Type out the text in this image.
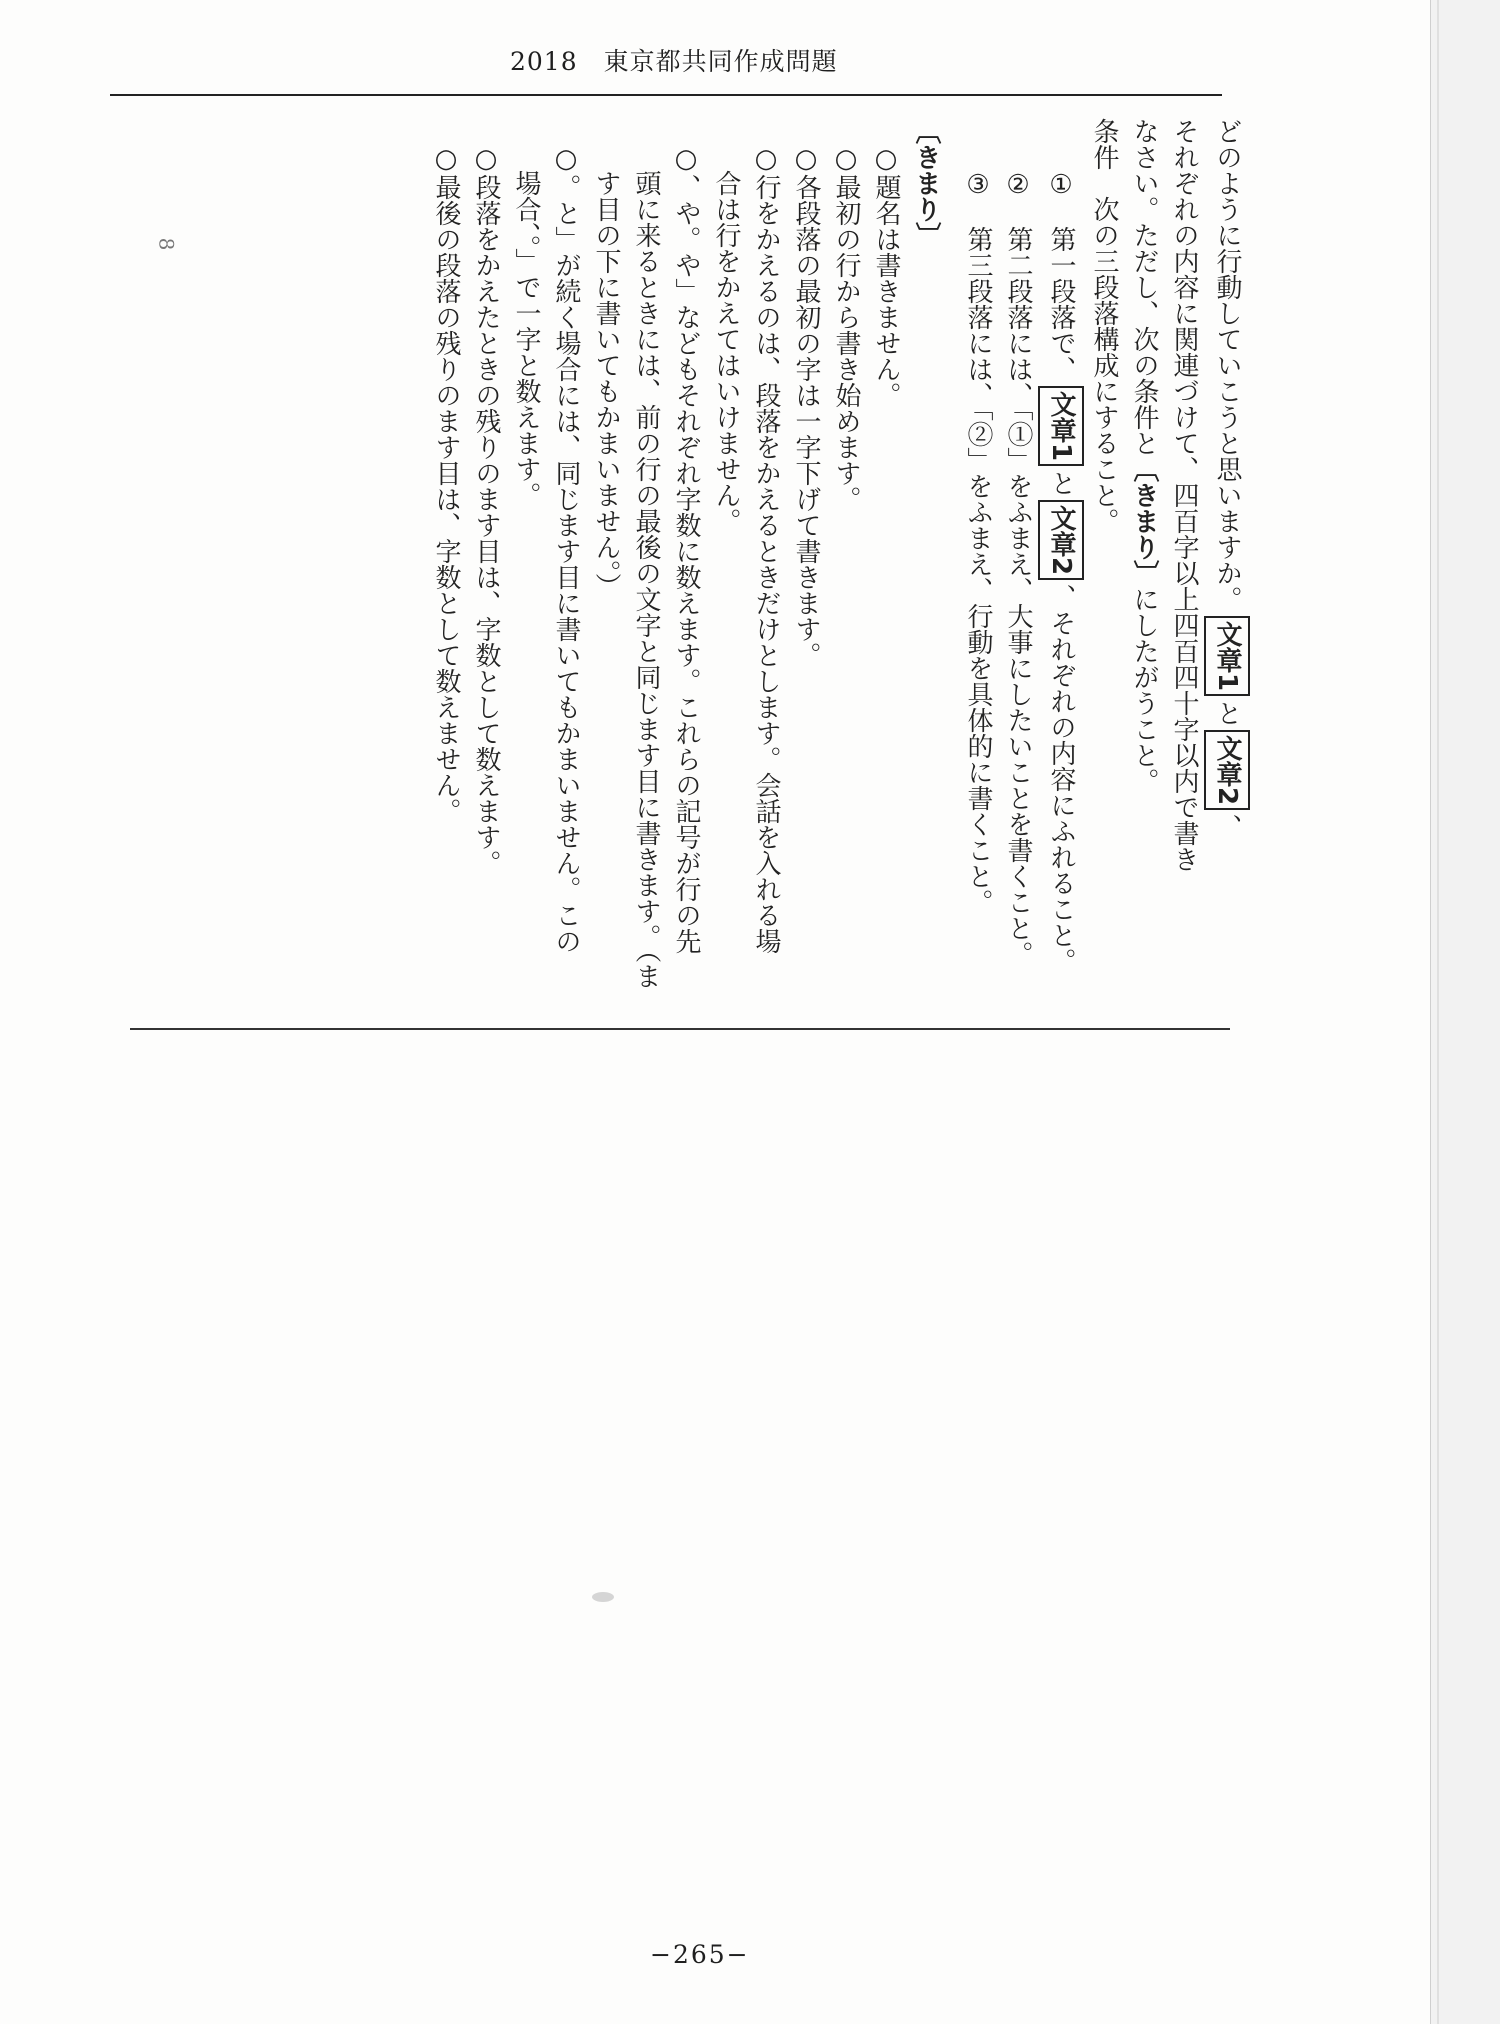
2018　東京都共同作成問題
8	どのように行動していこうと思いますか。文章1と文章2、
それぞれの内容に関連づけて、四百字以上四百四十字以内で書き
なさい。ただし、次の条件と〔きまり〕にしたがうこと。
条件　次の三段落構成にすること。
①　第一段落で、文章1と文章2、それぞれの内容にふれること。
②　第二段落には、「①」をふまえ、大事にしたいことを書くこと。
③　第三段落には、「②」をふまえ、行動を具体的に書くこと。
〔きまり〕
○題名は書きません。
○最初の行から書き始めます。
○各段落の最初の字は一字下げて書きます。
○行をかえるのは、段落をかえるときだけとします。会話を入れる場
合は行をかえてはいけません。
○、や。や」などもそれぞれ字数に数えます。これらの記号が行の先
頭に来るときには、前の行の最後の文字と同じます目に書きます。（ま
す目の下に書いてもかまいません。）
○。と」が続く場合には、同じます目に書いてもかまいません。この
場合、。」で一字と数えます。
○段落をかえたときの残りのます目は、字数として数えます。
○最後の段落の残りのます目は、字数として数えません。
−265−
